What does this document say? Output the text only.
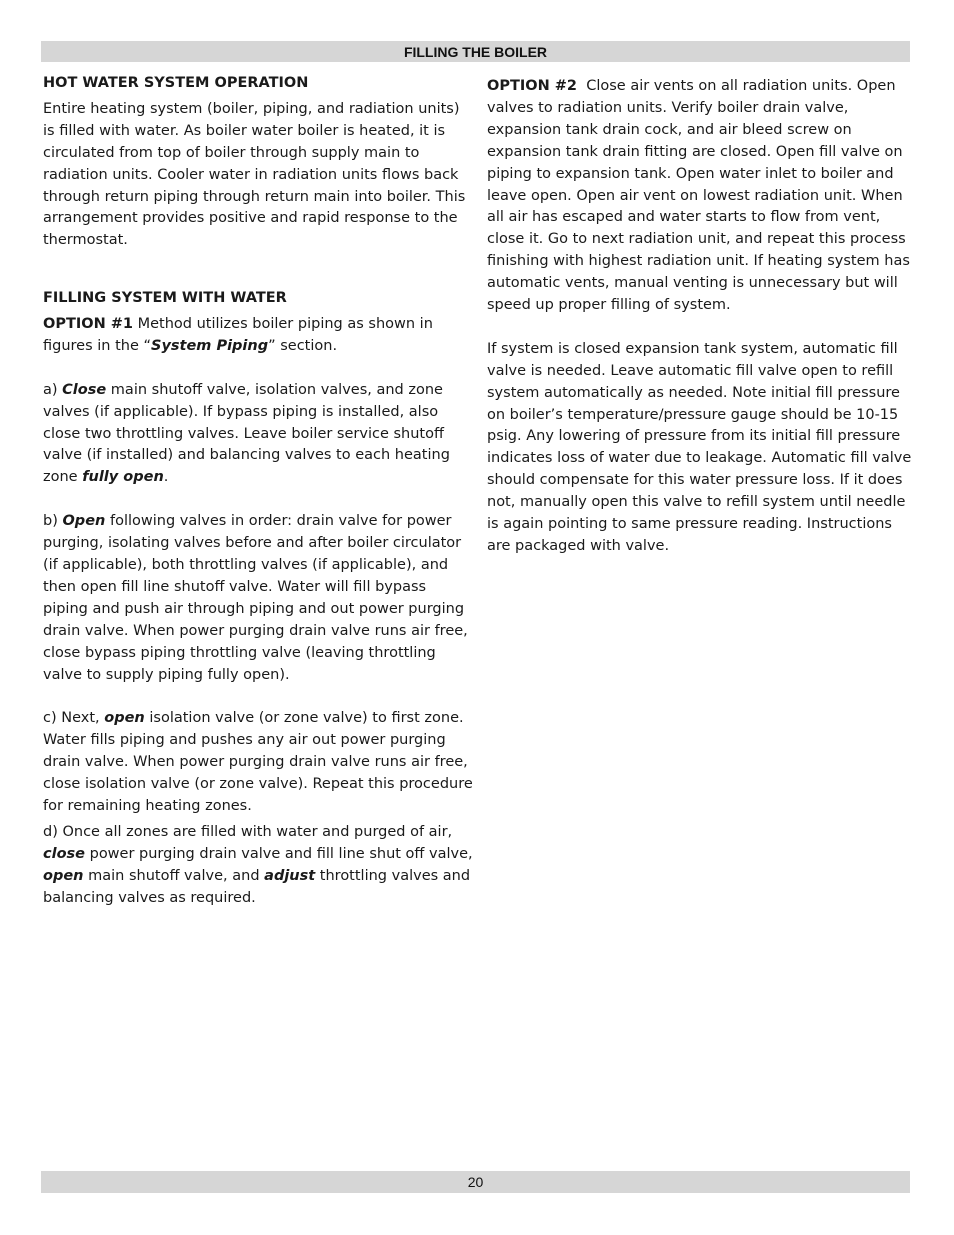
FILLING THE BOILER
HOT WATER SYSTEM OPERATION

Entire heating system (boiler, piping, and radiation units) is filled with water. As boiler water boiler is heated, it is circulated from top of boiler through supply main to radiation units. Cooler water in radiation units flows back through return piping through return main into boiler. This arrangement provides positive and rapid response to the thermostat.

FILLING SYSTEM WITH WATER

OPTION #1 Method utilizes boiler piping as shown in figures in the “System Piping” section.

a) Close main shutoff valve, isolation valves, and zone valves (if applicable). If bypass piping is installed, also close two throttling valves. Leave boiler service shutoff valve (if installed) and balancing valves to each heating zone fully open.

b) Open following valves in order: drain valve for power purging, isolating valves before and after boiler circulator (if applicable), both throttling valves (if applicable), and then open fill line shutoff valve. Water will fill bypass piping and push air through piping and out power purging drain valve. When power purging drain valve runs air free, close bypass piping throttling valve (leaving throttling valve to supply piping fully open).

c) Next, open isolation valve (or zone valve) to first zone. Water fills piping and pushes any air out power purging drain valve. When power purging drain valve runs air free, close isolation valve (or zone valve). Repeat this procedure for remaining heating zones.

d) Once all zones are filled with water and purged of air, close power purging drain valve and fill line shut off valve, open main shutoff valve, and adjust throttling valves and balancing valves as required.

OPTION #2  Close air vents on all radiation units. Open valves to radiation units. Verify boiler drain valve, expansion tank drain cock, and air bleed screw on expansion tank drain fitting are closed. Open fill valve on piping to expansion tank. Open water inlet to boiler and leave open. Open air vent on lowest radiation unit. When all air has escaped and water starts to flow from vent, close it. Go to next radiation unit, and repeat this process finishing with highest radiation unit. If heating system has automatic vents, manual venting is unnecessary but will speed up proper filling of system.

If system is closed expansion tank system, automatic fill valve is needed. Leave automatic fill valve open to refill system automatically as needed. Note initial fill pressure on boiler’s temperature/pressure gauge should be 10-15 psig. Any lowering of pressure from its initial fill pressure indicates loss of water due to leakage. Automatic fill valve should compensate for this water pressure loss. If it does not, manually open this valve to refill system until needle is again pointing to same pressure reading. Instructions are packaged with valve.

20
